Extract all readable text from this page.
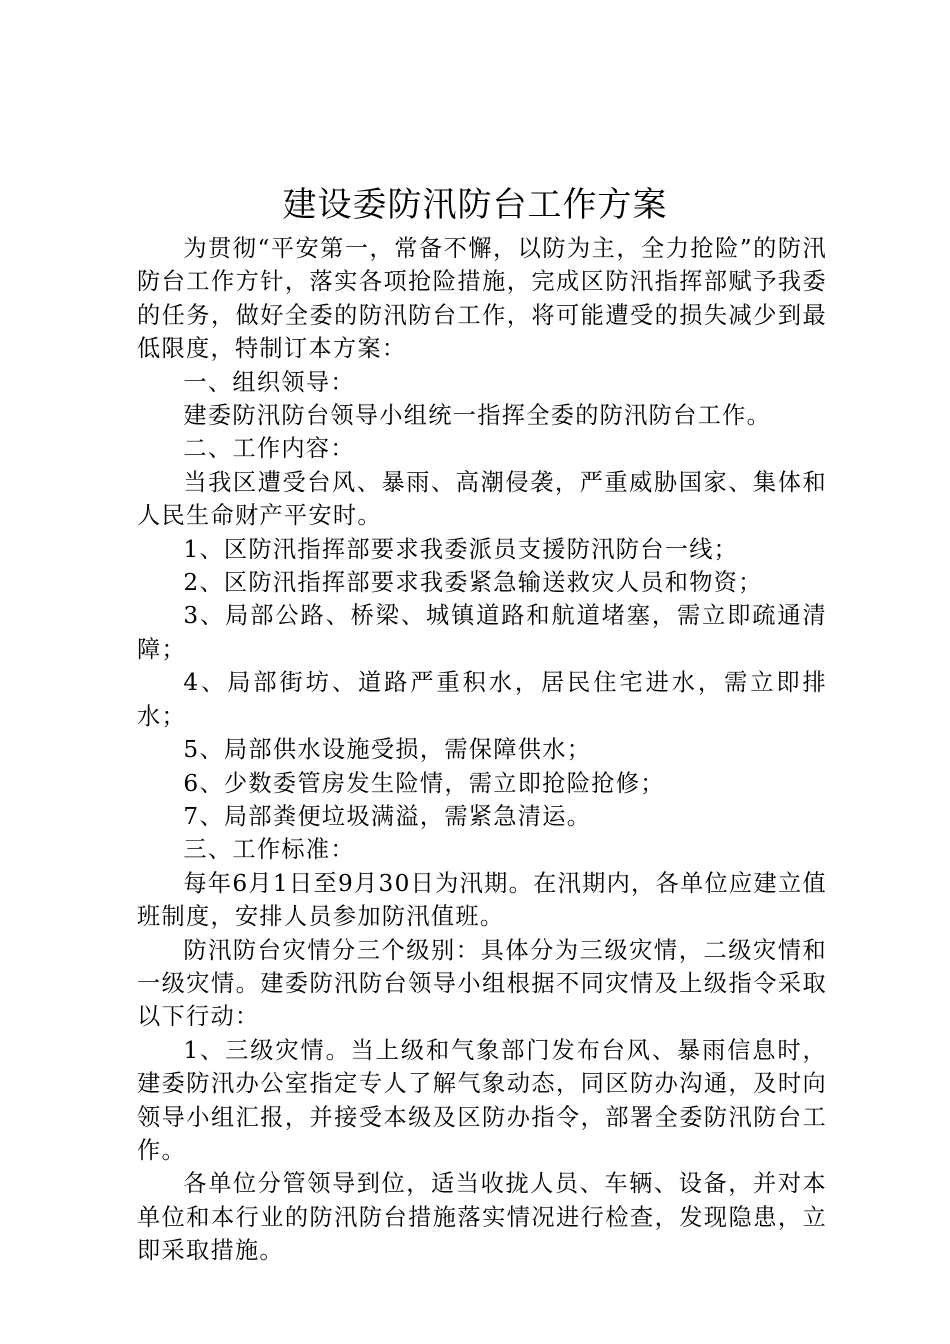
建设委防汛防台工作方案

为贯彻“平安第一，常备不懈，以防为主，全力抢险”的防汛防台工作方针，落实各项抢险措施，完成区防汛指挥部赋予我委的任务，做好全委的防汛防台工作，将可能遭受的损失减少到最低限度，特制订本方案：

一、组织领导：

建委防汛防台领导小组统一指挥全委的防汛防台工作。

二、工作内容：

当我区遭受台风、暴雨、高潮侵袭，严重威胁国家、集体和人民生命财产平安时。

1、区防汛指挥部要求我委派员支援防汛防台一线；

2、区防汛指挥部要求我委紧急输送救灾人员和物资；

3、局部公路、桥梁、城镇道路和航道堵塞，需立即疏通清障；

4、局部街坊、道路严重积水，居民住宅进水，需立即排水；

5、局部供水设施受损，需保障供水；

6、少数委管房发生险情，需立即抢险抢修；

7、局部粪便垃圾满溢，需紧急清运。

三、工作标准：

每年6月1日至9月30日为汛期。在汛期内，各单位应建立值班制度，安排人员参加防汛值班。

防汛防台灾情分三个级别：具体分为三级灾情，二级灾情和一级灾情。建委防汛防台领导小组根据不同灾情及上级指令采取以下行动：

1、三级灾情。当上级和气象部门发布台风、暴雨信息时，建委防汛办公室指定专人了解气象动态，同区防办沟通，及时向领导小组汇报，并接受本级及区防办指令，部署全委防汛防台工作。

各单位分管领导到位，适当收拢人员、车辆、设备，并对本单位和本行业的防汛防台措施落实情况进行检查，发现隐患，立即采取措施。
